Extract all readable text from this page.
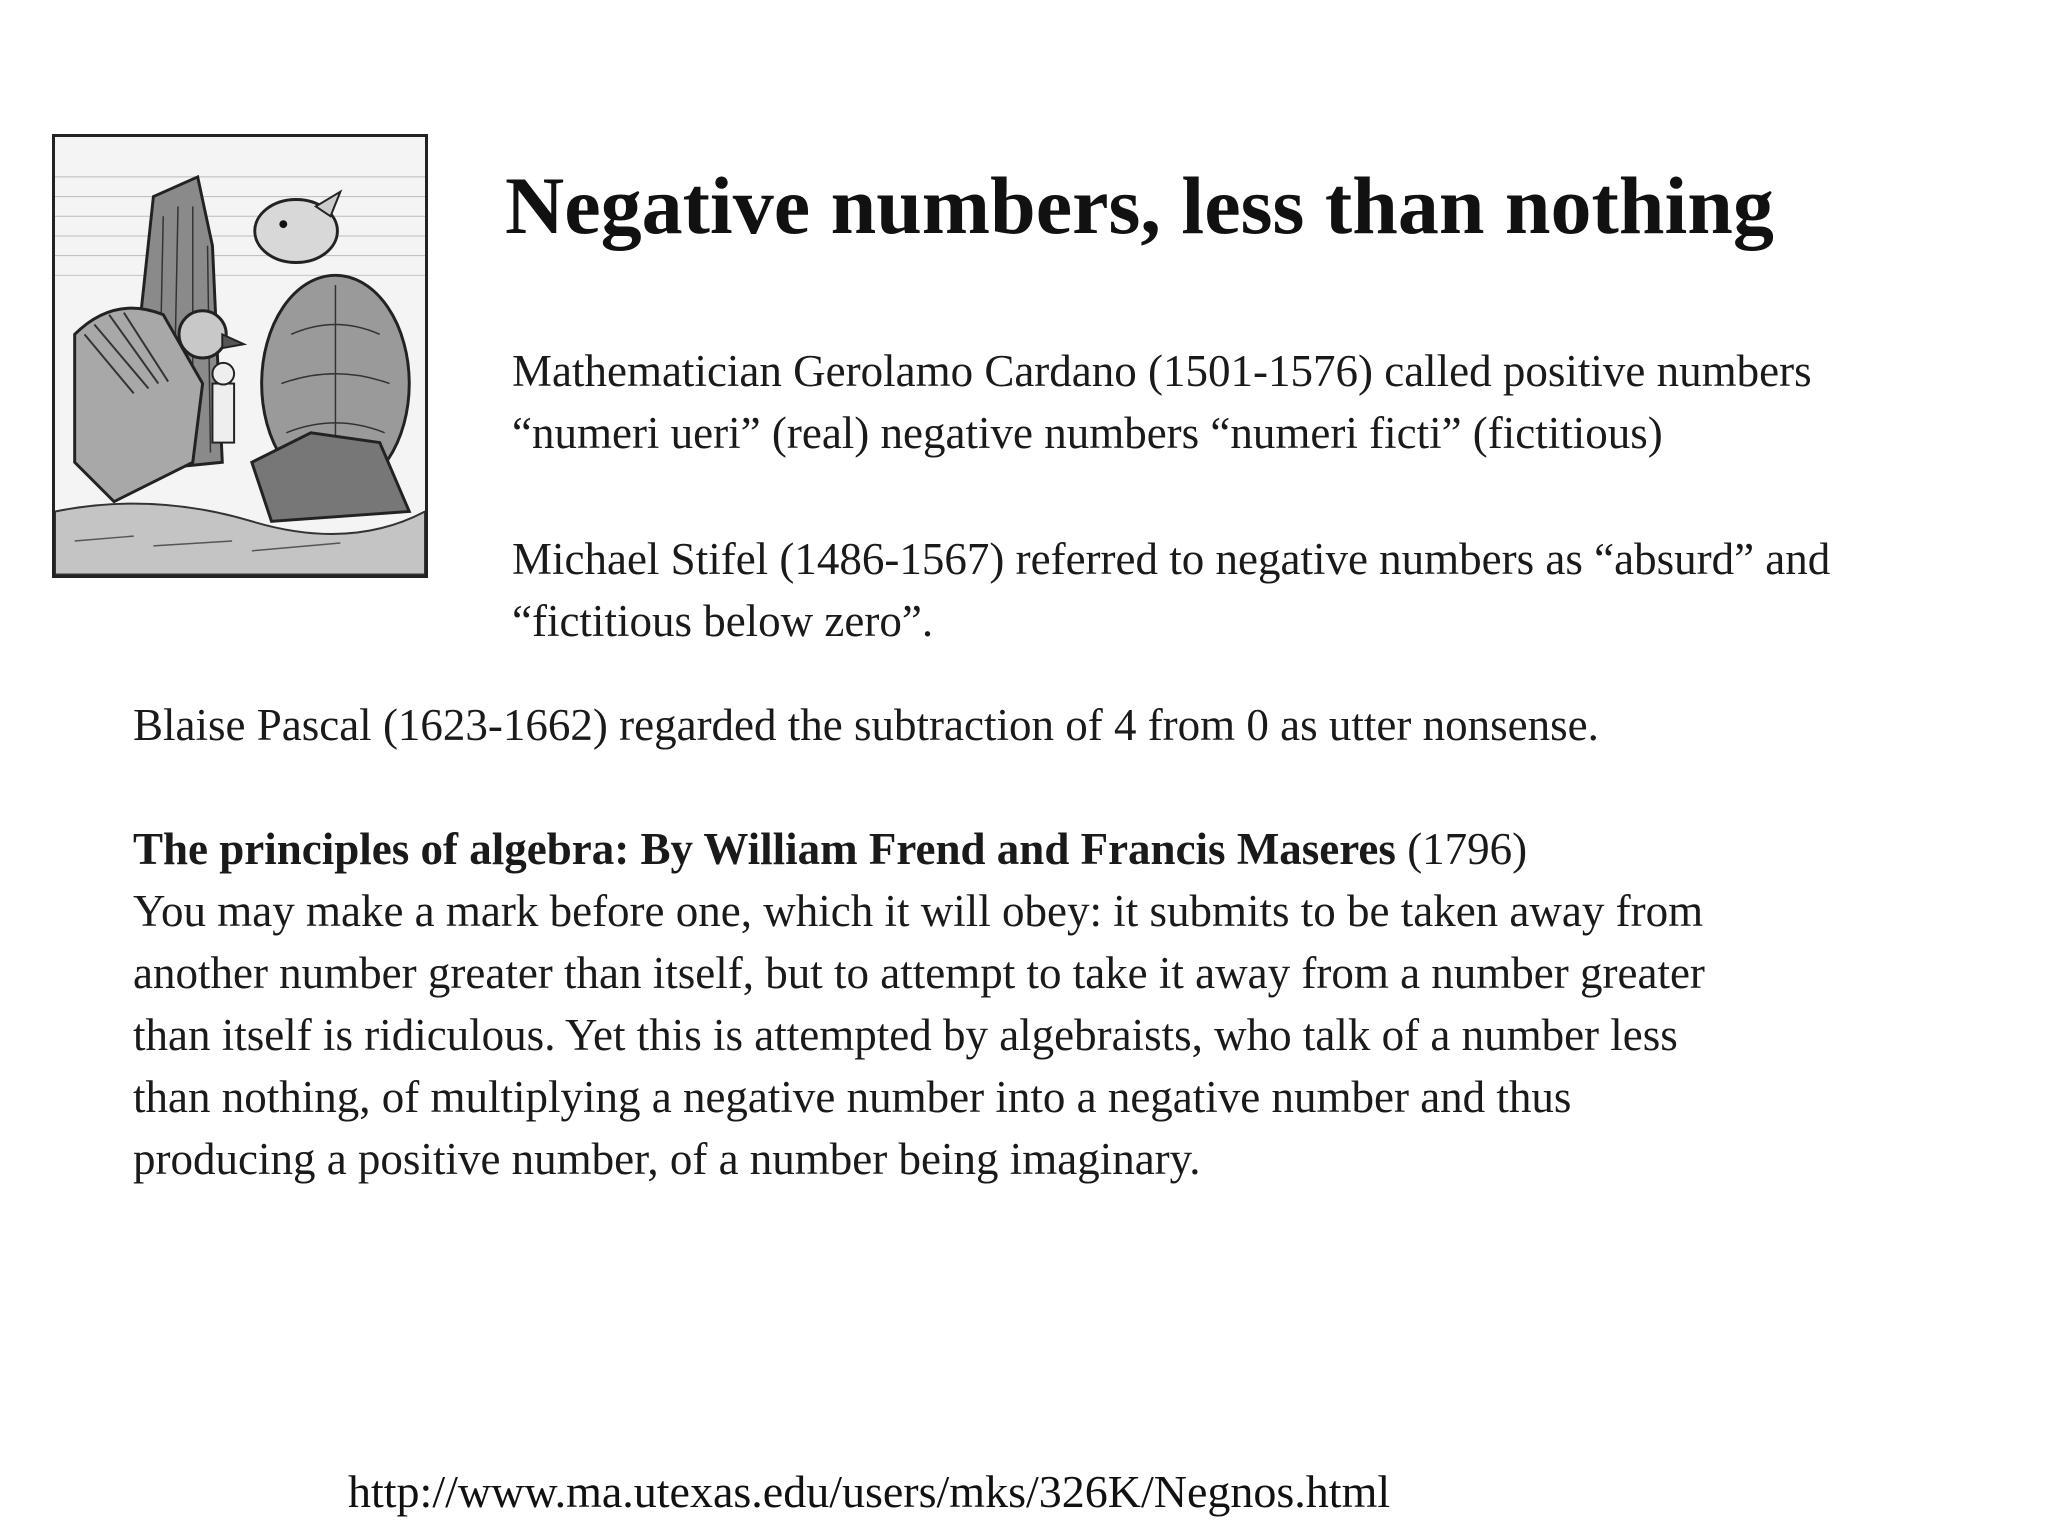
Negative numbers, less than nothing
Mathematician Gerolamo Cardano (1501-1576) called positive numbers
“numeri ueri” (real) negative numbers “numeri ficti” (fictitious)
Michael Stifel (1486-1567) referred to negative numbers as “absurd” and
“fictitious below zero”.
Blaise Pascal (1623-1662) regarded the subtraction of 4 from 0 as utter nonsense.
The principles of algebra: By William Frend and Francis Maseres (1796)
You may make a mark before one, which it will obey: it submits to be taken away from
another number greater than itself, but to attempt to take it away from a number greater
than itself is ridiculous. Yet this is attempted by algebraists, who talk of a number less
than nothing, of multiplying a negative number into a negative number and thus
producing a positive number, of a number being imaginary.
http://www.ma.utexas.edu/users/mks/326K/Negnos.html
